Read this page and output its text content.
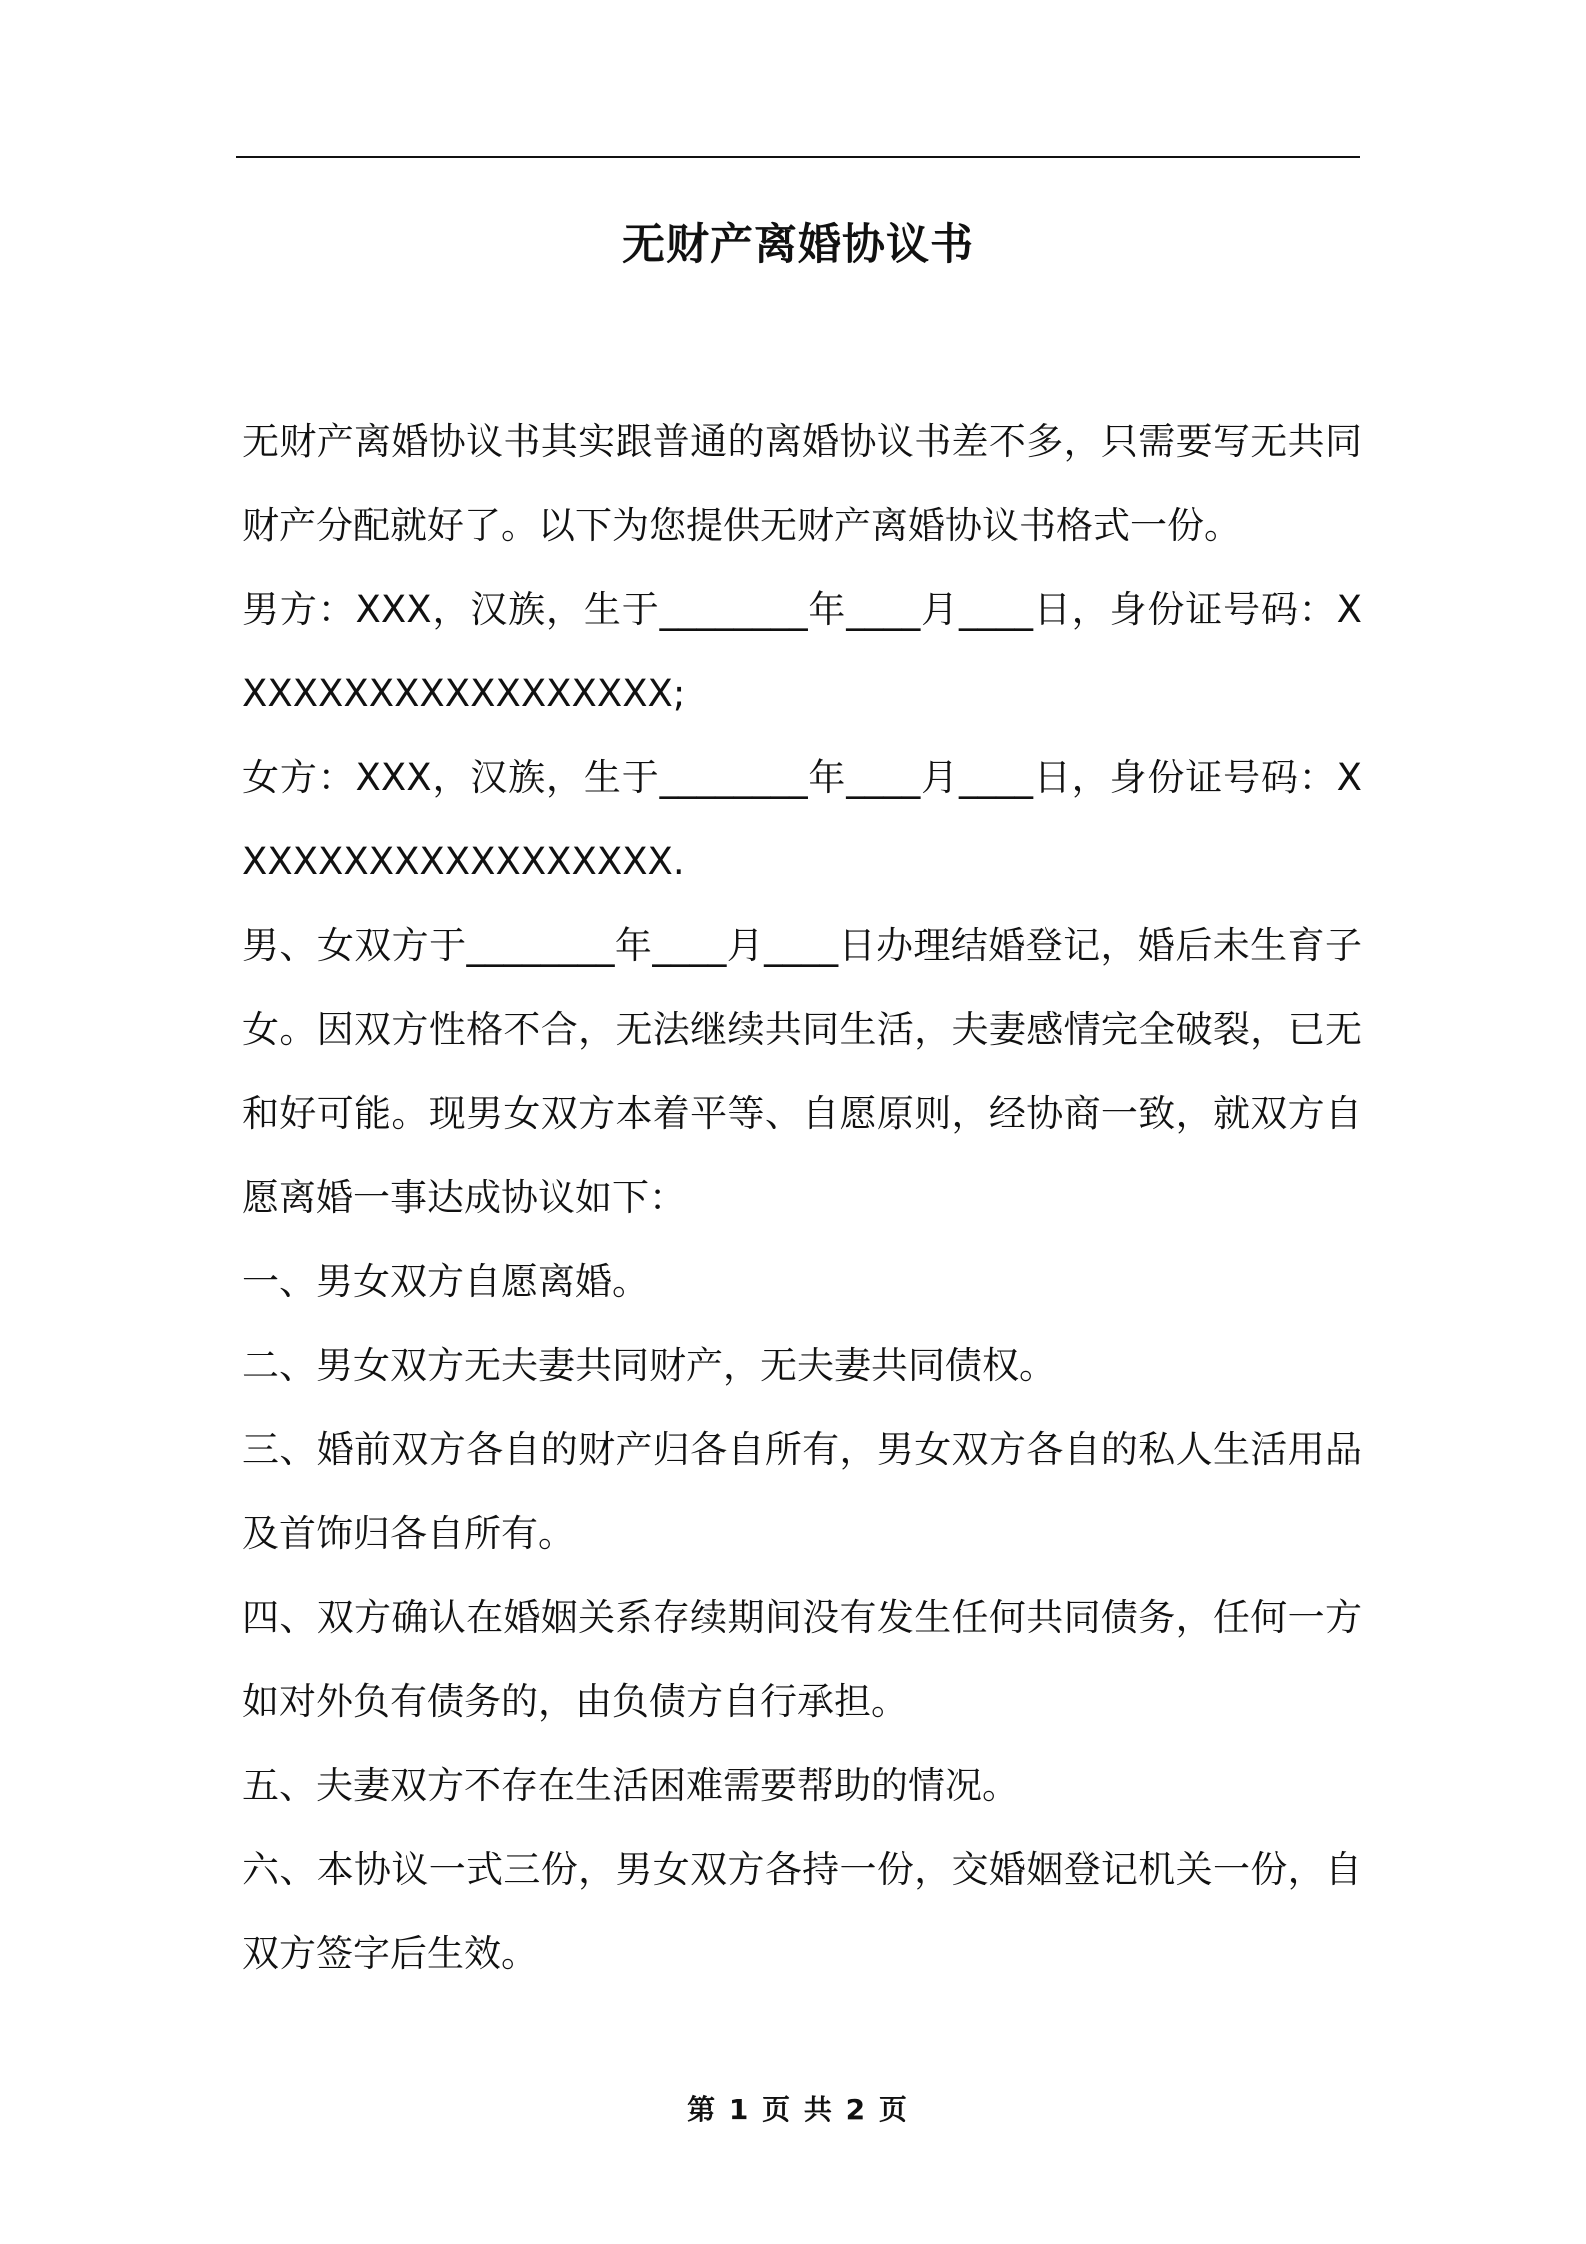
无财产离婚协议书

无财产离婚协议书其实跟普通的离婚协议书差不多，只需要写无共同财产分配就好了。以下为您提供无财产离婚协议书格式一份。

男方：XXX，汉族，生于________年____月____日，身份证号码：XXXXXXXXXXXXXXXXXX;

女方：XXX，汉族，生于________年____月____日，身份证号码：XXXXXXXXXXXXXXXXXX.

男、女双方于________年____月____日办理结婚登记，婚后未生育子女。因双方性格不合，无法继续共同生活，夫妻感情完全破裂，已无和好可能。现男女双方本着平等、自愿原则，经协商一致，就双方自愿离婚一事达成协议如下：

一、男女双方自愿离婚。

二、男女双方无夫妻共同财产，无夫妻共同债权。

三、婚前双方各自的财产归各自所有，男女双方各自的私人生活用品及首饰归各自所有。

四、双方确认在婚姻关系存续期间没有发生任何共同债务，任何一方如对外负有债务的，由负债方自行承担。

五、夫妻双方不存在生活困难需要帮助的情况。

六、本协议一式三份，男女双方各持一份，交婚姻登记机关一份，自双方签字后生效。

第 1 页 共 2 页
